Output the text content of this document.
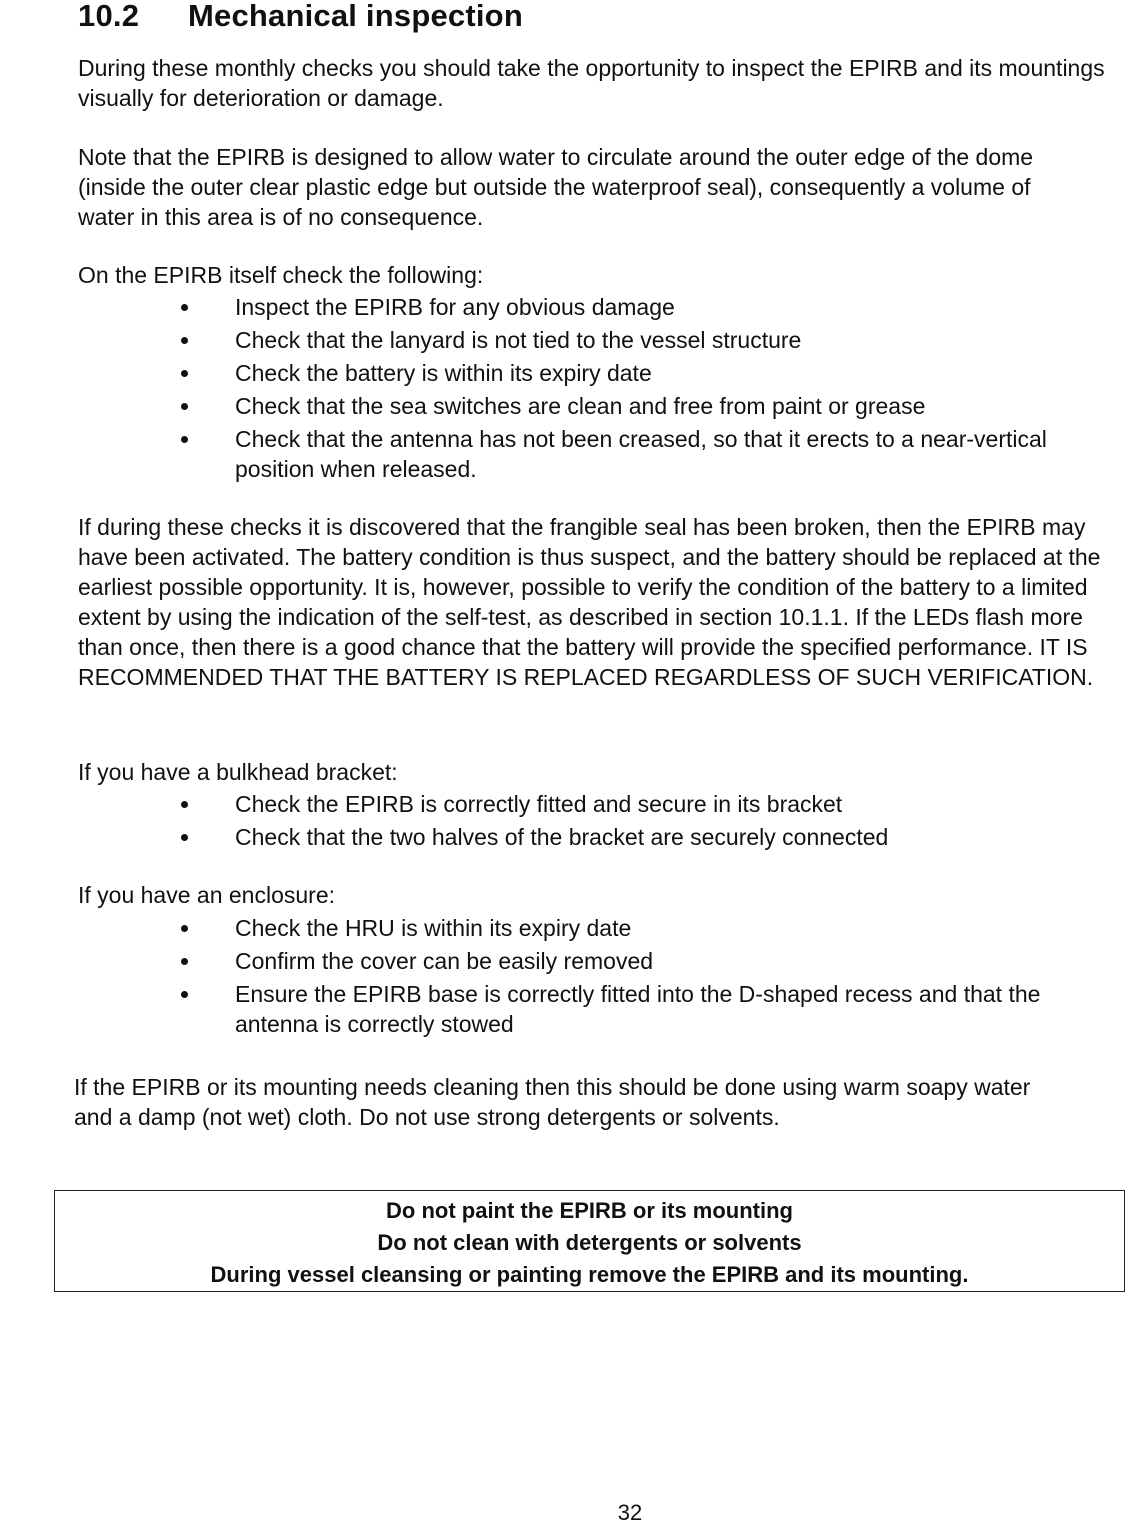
10.2 Mechanical inspection

During these monthly checks you should take the opportunity to inspect the EPIRB and its mountings visually for deterioration or damage.

Note that the EPIRB is designed to allow water to circulate around the outer edge of the dome (inside the outer clear plastic edge but outside the waterproof seal), consequently a volume of water in this area is of no consequence.

On the EPIRB itself check the following:

Inspect the EPIRB for any obvious damage
Check that the lanyard is not tied to the vessel structure
Check the battery is within its expiry date
Check that the sea switches are clean and free from paint or grease
Check that the antenna has not been creased, so that it erects to a near-vertical position when released.

If during these checks it is discovered that the frangible seal has been broken, then the EPIRB may have been activated. The battery condition is thus suspect, and the battery should be replaced at the earliest possible opportunity. It is, however, possible to verify the condition of the battery to a limited extent by using the indication of the self-test, as described in section 10.1.1. If the LEDs flash more than once, then there is a good chance that the battery will provide the specified performance. IT IS RECOMMENDED THAT THE BATTERY IS REPLACED REGARDLESS OF SUCH VERIFICATION.

If you have a bulkhead bracket:

Check the EPIRB is correctly fitted and secure in its bracket
Check that the two halves of the bracket are securely connected

If you have an enclosure:

Check the HRU is within its expiry date
Confirm the cover can be easily removed
Ensure the EPIRB base is correctly fitted into the D-shaped recess and that the antenna is correctly stowed

If the EPIRB or its mounting needs cleaning then this should be done using warm soapy water and a damp (not wet) cloth. Do not use strong detergents or solvents.

Do not paint the EPIRB or its mounting
Do not clean with detergents or solvents
During vessel cleansing or painting remove the EPIRB and its mounting.
32
